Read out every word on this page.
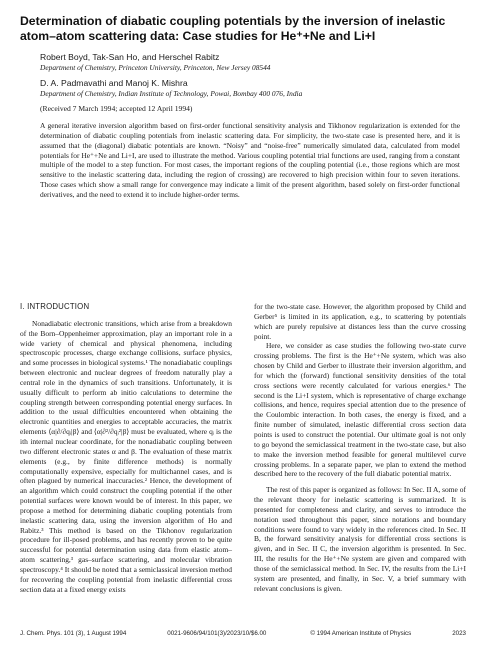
Determination of diabatic coupling potentials by the inversion of inelastic atom–atom scattering data: Case studies for He⁺+Ne and Li+I

Robert Boyd, Tak-San Ho, and Herschel Rabitz

Department of Chemistry, Princeton University, Princeton, New Jersey 08544

D. A. Padmavathi and Manoj K. Mishra

Department of Chemistry, Indian Institute of Technology, Powai, Bombay 400 076, India

(Received 7 March 1994; accepted 12 April 1994)

A general iterative inversion algorithm based on first-order functional sensitivity analysis and Tikhonov regularization is extended for the determination of diabatic coupling potentials from inelastic scattering data. For simplicity, the two-state case is presented here, and it is assumed that the (diagonal) diabatic potentials are known. “Noisy” and “noise-free” numerically simulated data, calculated from model potentials for He⁺+Ne and Li+I, are used to illustrate the method. Various coupling potential trial functions are used, ranging from a constant multiple of the model to a step function. For most cases, the important regions of the coupling potential (i.e., those regions which are most sensitive to the inelastic scattering data, including the region of crossing) are recovered to high precision within four to seven iterations. Those cases which show a small range for convergence may indicate a limit of the present algorithm, based solely on first-order functional derivatives, and the need to extend it to include higher-order terms.

I. INTRODUCTION

Nonadiabatic electronic transitions, which arise from a breakdown of the Born–Oppenheimer approximation, play an important role in a wide variety of chemical and physical phenomena, including spectroscopic processes, charge exchange collisions, surface physics, and some processes in biological systems.¹ The nonadiabatic couplings between electronic and nuclear degrees of freedom naturally play a central role in the dynamics of such transitions. Unfortunately, it is usually difficult to perform ab initio calculations to determine the coupling strength between corresponding potential energy surfaces. In addition to the usual difficulties encountered when obtaining the electronic quantities and energies to acceptable accuracies, the matrix elements ⟨α|∂/∂qᵢ|β⟩ and ⟨α|∂²/∂qᵢ²|β⟩ must be evaluated, where qᵢ is the ith internal nuclear coordinate, for the nonadiabatic coupling between two different electronic states α and β. The evaluation of these matrix elements (e.g., by finite difference methods) is normally computationally expensive, especially for multichannel cases, and is often plagued by numerical inaccuracies.² Hence, the development of an algorithm which could construct the coupling potential if the other potential surfaces were known would be of interest. In this paper, we propose a method for determining diabatic coupling potentials from inelastic scattering data, using the inversion algorithm of Ho and Rabitz.³ This method is based on the Tikhonov regularization procedure for ill-posed problems, and has recently proven to be quite successful for potential determination using data from elastic atom–atom scattering,³ gas–surface scattering, and molecular vibration spectroscopy.⁴ It should be noted that a semiclassical inversion method for recovering the coupling potential from inelastic differential cross section data at a fixed energy exists

for the two-state case. However, the algorithm proposed by Child and Gerber⁵ is limited in its application, e.g., to scattering by potentials which are purely repulsive at distances less than the curve crossing point.

Here, we consider as case studies the following two-state curve crossing problems. The first is the He⁺+Ne system, which was also chosen by Child and Gerber to illustrate their inversion algorithm, and for which the (forward) functional sensitivity densities of the total cross sections were recently calculated for various energies.⁶ The second is the Li+I system, which is representative of charge exchange collisions, and hence, requires special attention due to the presence of the Coulombic interaction. In both cases, the energy is fixed, and a finite number of simulated, inelastic differential cross section data points is used to construct the potential. Our ultimate goal is not only to go beyond the semiclassical treatment in the two-state case, but also to make the inversion method feasible for general multilevel curve crossing problems. In a separate paper, we plan to extend the method described here to the recovery of the full diabatic potential matrix.

The rest of this paper is organized as follows: In Sec. II A, some of the relevant theory for inelastic scattering is summarized. It is presented for completeness and clarity, and serves to introduce the notation used throughout this paper, since notations and boundary conditions were found to vary widely in the references cited. In Sec. II B, the forward sensitivity analysis for differential cross sections is given, and in Sec. II C, the inversion algorithm is presented. In Sec. III, the results for the He⁺+Ne system are given and compared with those of the semiclassical method. In Sec. IV, the results from the Li+I system are presented, and finally, in Sec. V, a brief summary with relevant conclusions is given.

J. Chem. Phys. 101 (3), 1 August 1994	0021-9606/94/101(3)/2023/10/$6.00	© 1994 American Institute of Physics	2023
